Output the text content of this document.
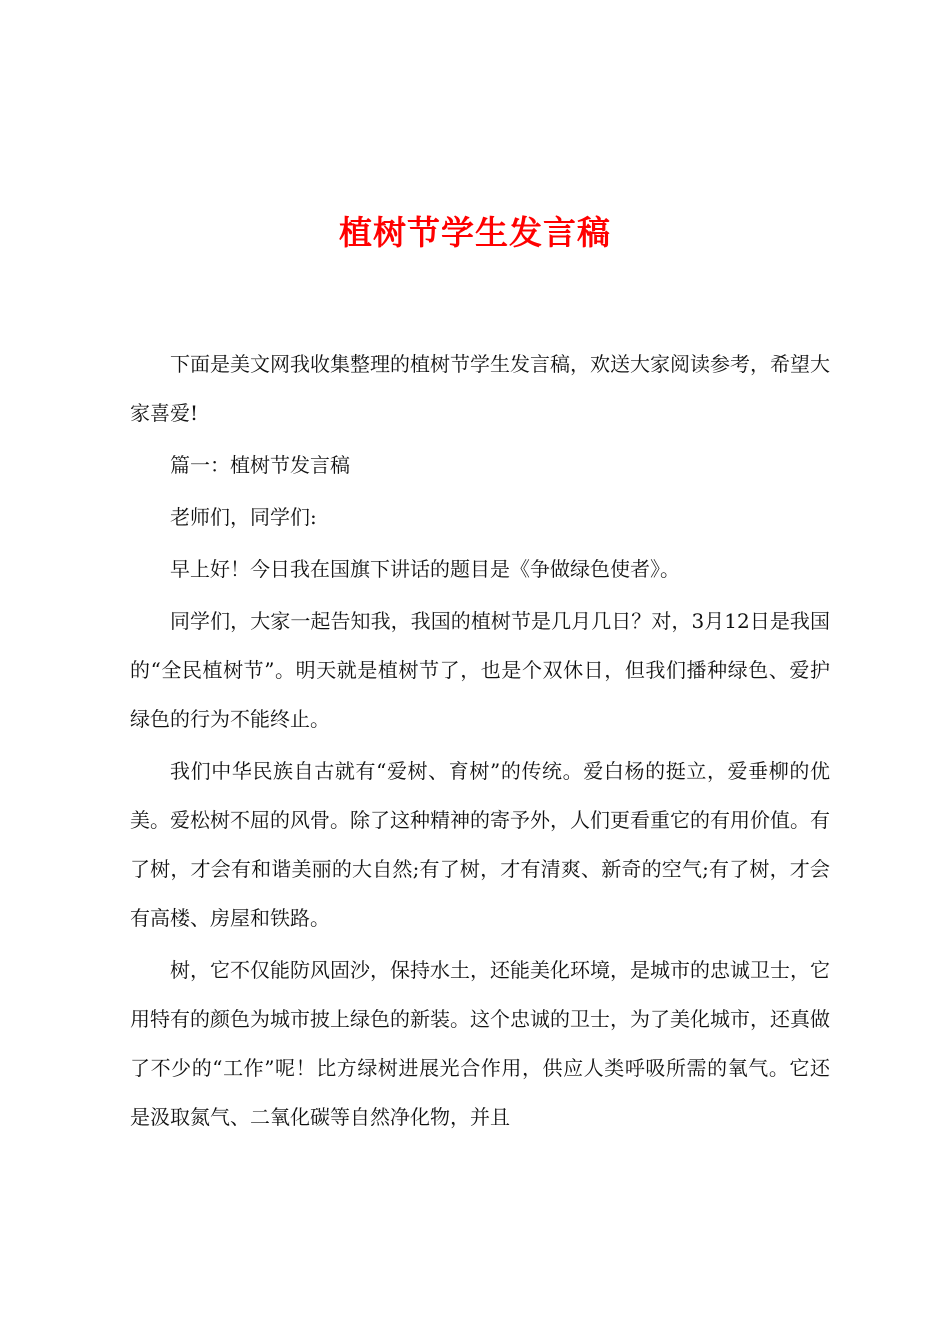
植树节学生发言稿

下面是美文网我收集整理的植树节学生发言稿，欢送大家阅读参考，希望大家喜爱!

篇一：植树节发言稿

老师们，同学们:

早上好！今日我在国旗下讲话的题目是《争做绿色使者》。

同学们，大家一起告知我，我国的植树节是几月几日？对，3月12日是我国的“全民植树节”。明天就是植树节了，也是个双休日，但我们播种绿色、爱护绿色的行为不能终止。

我们中华民族自古就有“爱树、育树”的传统。爱白杨的挺立，爱垂柳的优美。爱松树不屈的风骨。除了这种精神的寄予外，人们更看重它的有用价值。有了树，才会有和谐美丽的大自然;有了树，才有清爽、新奇的空气;有了树，才会有高楼、房屋和铁路。

树，它不仅能防风固沙，保持水土，还能美化环境，是城市的忠诚卫士，它用特有的颜色为城市披上绿色的新装。这个忠诚的卫士，为了美化城市，还真做了不少的“工作”呢！比方绿树进展光合作用，供应人类呼吸所需的氧气。它还是汲取氮气、二氧化碳等自然净化物，并且
